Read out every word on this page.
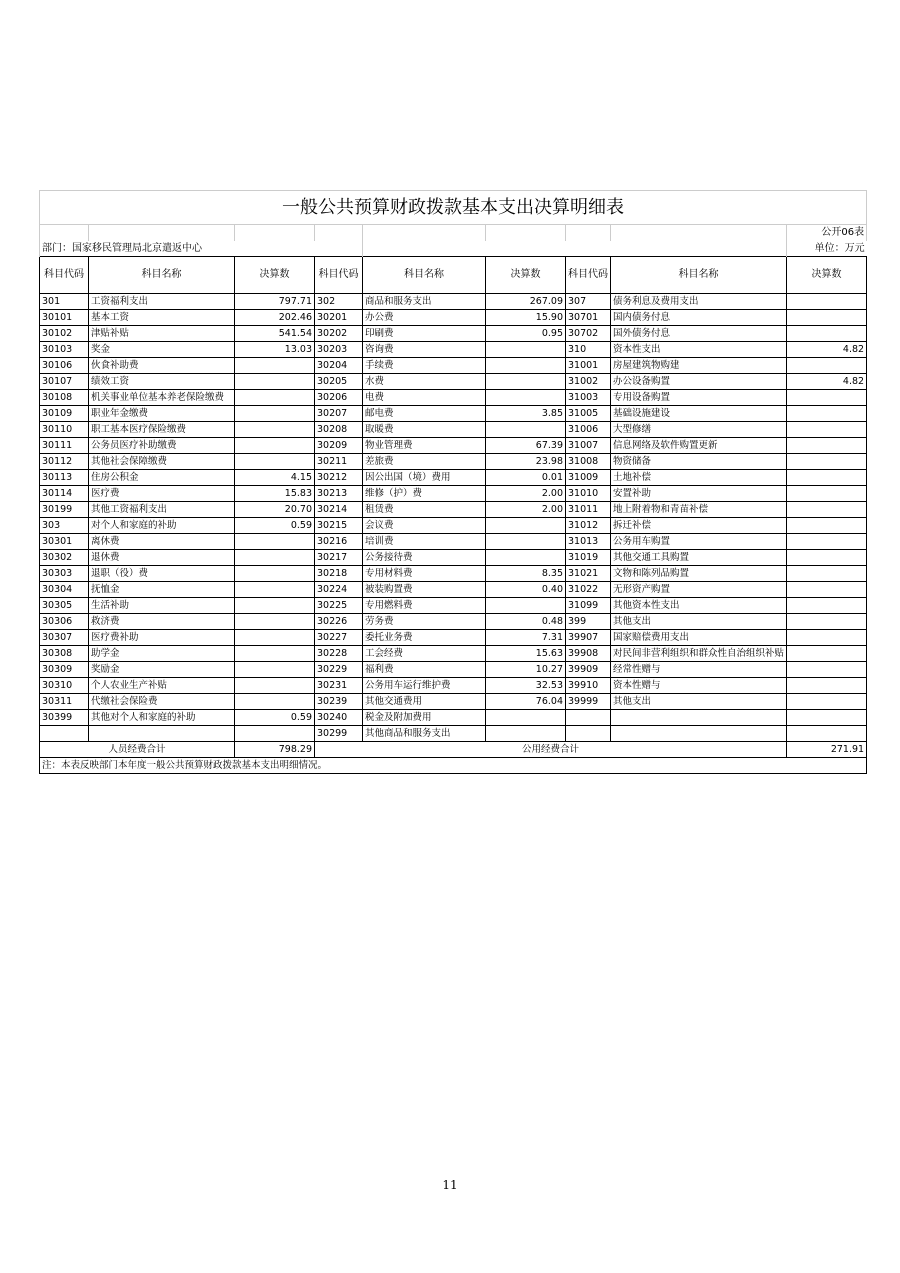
一般公共预算财政拨款基本支出决算明细表								
								公开06表
部门：国家移民管理局北京遣返中心								单位：万元
科目代码	科目名称	决算数	科目代码	科目名称	决算数	科目代码	科目名称	决算数
301	工资福利支出	797.71	302	商品和服务支出	267.09	307	债务利息及费用支出	
30101	基本工资	202.46	30201	办公费	15.90	30701	国内债务付息	
30102	津贴补贴	541.54	30202	印刷费	0.95	30702	国外债务付息	
30103	奖金	13.03	30203	咨询费		310	资本性支出	4.82
30106	伙食补助费		30204	手续费		31001	房屋建筑物购建	
30107	绩效工资		30205	水费		31002	办公设备购置	4.82
30108	机关事业单位基本养老保险缴费		30206	电费		31003	专用设备购置	
30109	职业年金缴费		30207	邮电费	3.85	31005	基础设施建设	
30110	职工基本医疗保险缴费		30208	取暖费		31006	大型修缮	
30111	公务员医疗补助缴费		30209	物业管理费	67.39	31007	信息网络及软件购置更新	
30112	其他社会保障缴费		30211	差旅费	23.98	31008	物资储备	
30113	住房公积金	4.15	30212	因公出国（境）费用	0.01	31009	土地补偿	
30114	医疗费	15.83	30213	维修（护）费	2.00	31010	安置补助	
30199	其他工资福利支出	20.70	30214	租赁费	2.00	31011	地上附着物和青苗补偿	
303	对个人和家庭的补助	0.59	30215	会议费		31012	拆迁补偿	
30301	离休费		30216	培训费		31013	公务用车购置	
30302	退休费		30217	公务接待费		31019	其他交通工具购置	
30303	退职（役）费		30218	专用材料费	8.35	31021	文物和陈列品购置	
30304	抚恤金		30224	被装购置费	0.40	31022	无形资产购置	
30305	生活补助		30225	专用燃料费		31099	其他资本性支出	
30306	救济费		30226	劳务费	0.48	399	其他支出	
30307	医疗费补助		30227	委托业务费	7.31	39907	国家赔偿费用支出	
30308	助学金		30228	工会经费	15.63	39908	对民间非营利组织和群众性自治组织补贴	
30309	奖励金		30229	福利费	10.27	39909	经常性赠与	
30310	个人农业生产补贴		30231	公务用车运行维护费	32.53	39910	资本性赠与	
30311	代缴社会保险费		30239	其他交通费用	76.04	39999	其他支出	
30399	其他对个人和家庭的补助	0.59	30240	税金及附加费用				
			30299	其他商品和服务支出				
人员经费合计		798.29	公用经费合计					271.91
注：本表反映部门本年度一般公共预算财政拨款基本支出明细情况。								
11
